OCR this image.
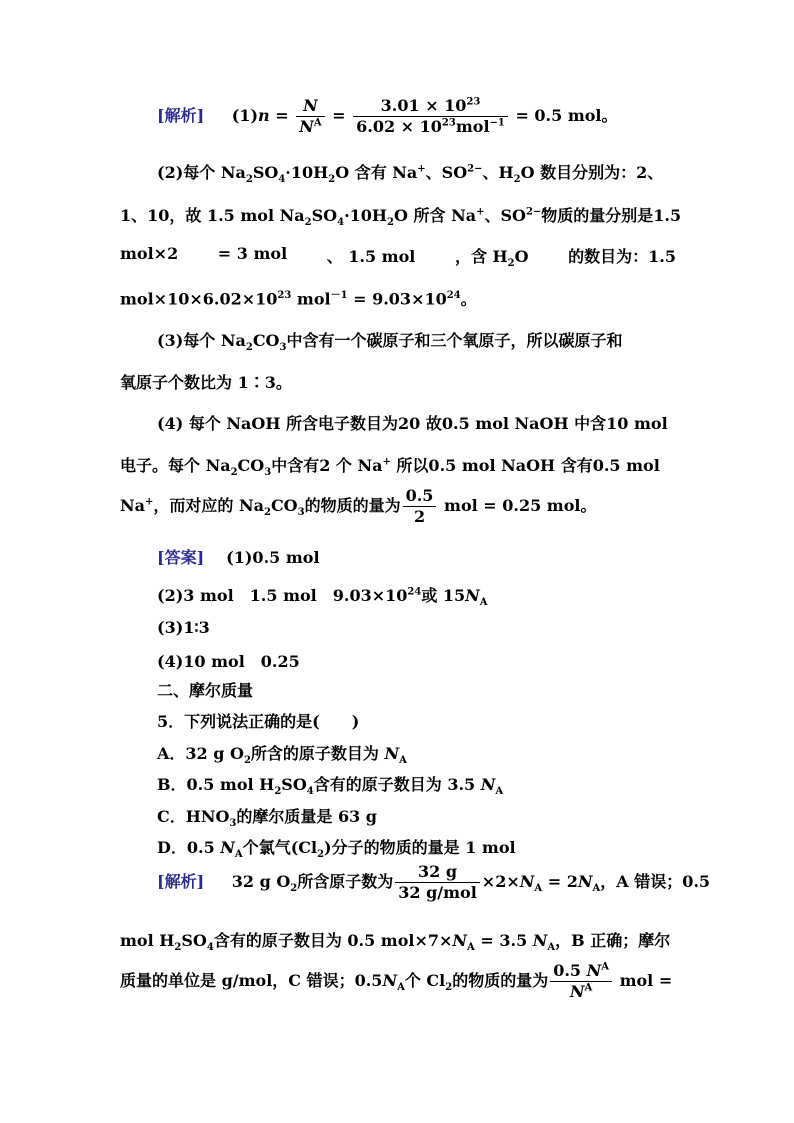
[解析] $(1)n = \frac{N}{N^A}$ =
$3.01 \times 10^{23}$
$6.02 \times 10^{23}mol^{-1} = 0.5$ mol。
(2)每个 $Na_2SO_4\cdot 10H_2O$ 含有 Na+、$SO^{2-}$、$H_2O$ 数目分别为：2、
1、10，故 1.5 mol $Na_2SO_4\cdot 10H_2O$ 所含 Na+、$SO^{2-}$物质的量分别是1.5
mol×2 = 3 mol 、 1.5 mol ，含 $H_2O$ 的数目为：1.5
$mol\times 10\times 6.02\times 10^{23}$ $mol^{-1} = 9.03\times 10^{24}$。
(3)每个 $Na_2CO_3$中含有一个碳原子和三个氧原子，所以碳原子和
氧原子个数比为 1∶3。
(4) 每个 NaOH 所含电子数目为20 故0.5 mol NaOH 中含10 mol
电子。每个 $Na_2CO_3$中含有2 个 Na+ 所以0.5 mol NaOH 含有0.5 mol
Na+，而对应的 $Na_2CO_3$的物质的量为 $\frac{0.5}{2}$ mol = 0.25 mol。
[答案] (1)0.5 mol
(2)3 mol　1.5 mol　$9.03\times 10^{24}$或 $15N_A$
(3)1∶3
(4)10 mol　0.25
二、摩尔质量
5．下列说法正确的是(　　)
A．32 g $O_2$所含的原子数目为 $N_A$
B．0.5 mol $H_2SO_4$含有的原子数目为 3.5 $N_A$
C．$HNO_3$的摩尔质量是 63 g
D．0.5 $N_A$个氯气$(Cl_2)$分子的物质的量是 1 mol
[解析] 32 g $O_2$所含原子数为
32 g
32 g/mol
$\times 2\times N_A = 2N_A$，A 错误；0.5
mol $H_2SO_4$含有的原子数目为 0.5 $mol\times 7\times N_A = 3.5$ $N_A$，B 正确；摩尔
质量的单位是 g/mol，C 错误；$0.5N_A$个 $Cl_2$的物质的量为 $\frac{0.5 N^A}{N^A}$ mol =
